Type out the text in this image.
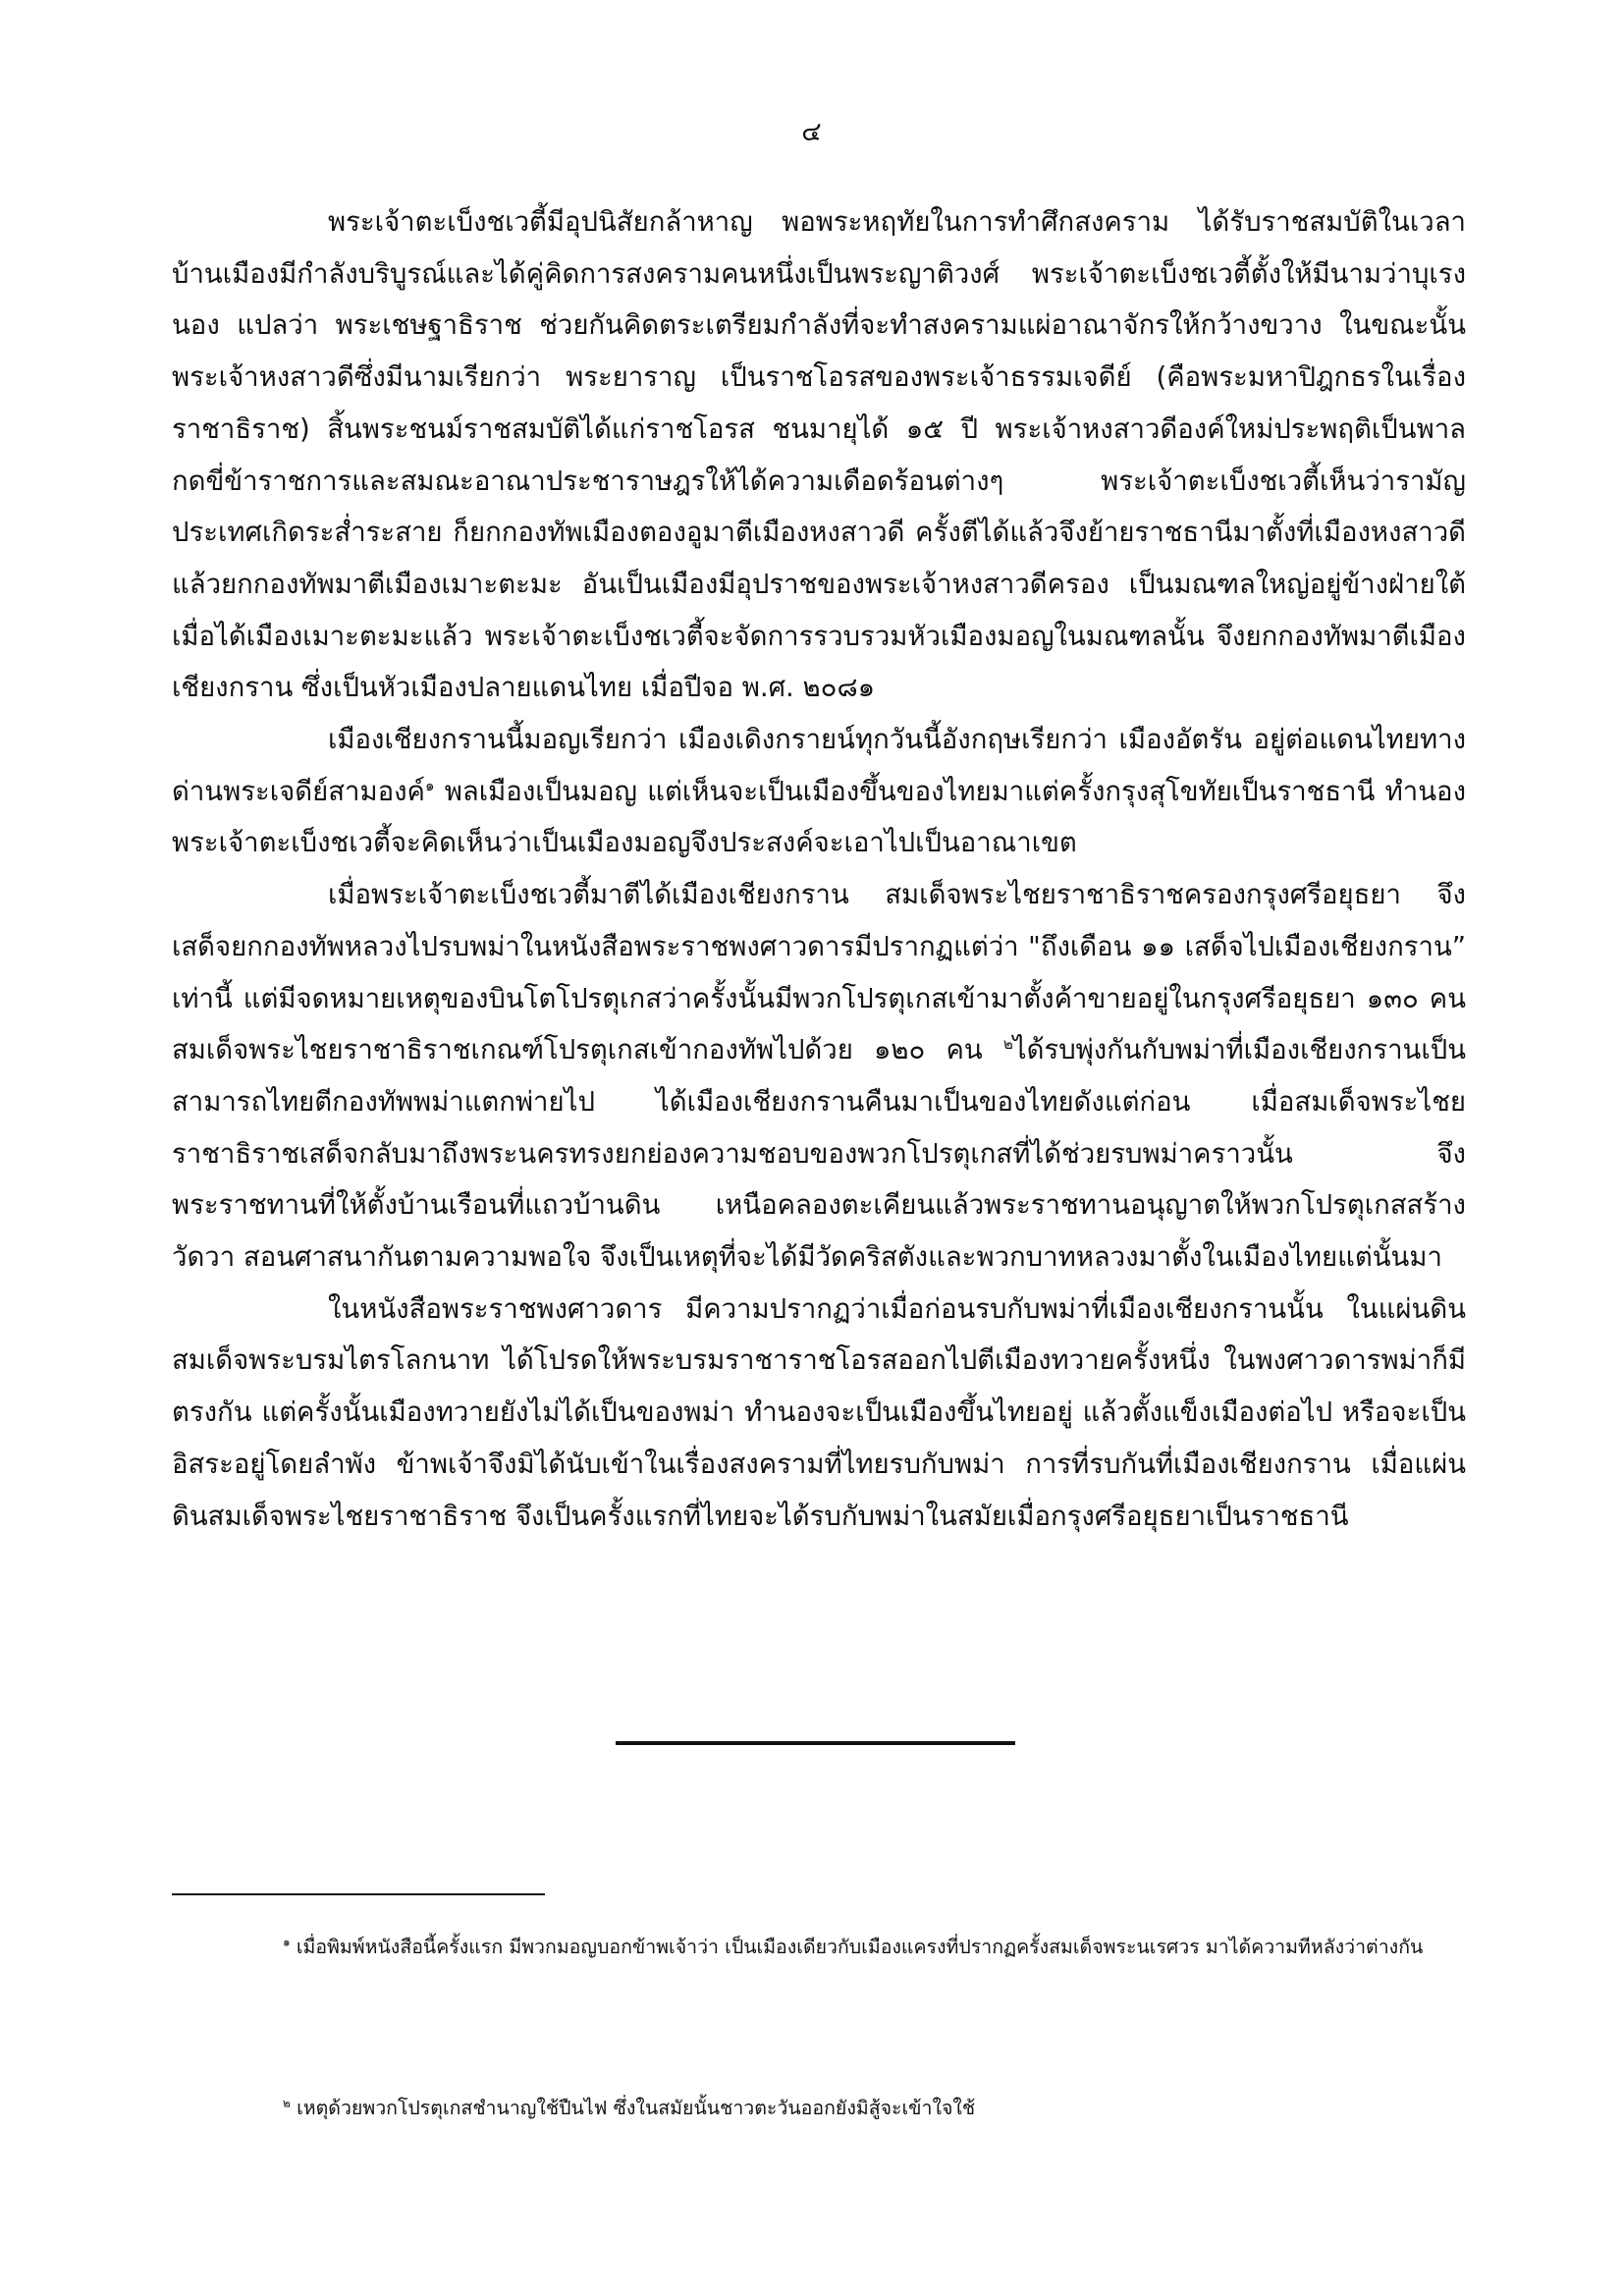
๔

พระเจ้าตะเบ็งชเวตี้มีอุปนิสัยกล้าหาญ พอพระหฤทัยในการทำศึกสงคราม ได้รับราชสมบัติในเวลาบ้านเมืองมีกำลังบริบูรณ์และได้คู่คิดการสงครามคนหนึ่งเป็นพระญาติวงศ์ พระเจ้าตะเบ็งชเวตี้ตั้งให้มีนามว่าบุเรงนอง แปลว่า พระเชษฐาธิราช ช่วยกันคิดตระเตรียมกำลังที่จะทำสงครามแผ่อาณาจักรให้กว้างขวาง ในขณะนั้น พระเจ้าหงสาวดีซึ่งมีนามเรียกว่า พระยาราญ เป็นราชโอรสของพระเจ้าธรรมเจดีย์ (คือพระมหาปิฎกธรในเรื่องราชาธิราช) สิ้นพระชนม์ราชสมบัติได้แก่ราชโอรส ชนมายุได้ ๑๕ ปี พระเจ้าหงสาวดีองค์ใหม่ประพฤติเป็นพาลกดขี่ข้าราชการและสมณะอาณาประชาราษฎรให้ได้ความเดือดร้อนต่างๆ พระเจ้าตะเบ็งชเวตี้เห็นว่ารามัญประเทศเกิดระส่ำระสาย ก็ยกกองทัพเมืองตองอูมาตีเมืองหงสาวดี ครั้งตีได้แล้วจึงย้ายราชธานีมาตั้งที่เมืองหงสาวดี แล้วยกกองทัพมาตีเมืองเมาะตะมะ อันเป็นเมืองมีอุปราชของพระเจ้าหงสาวดีครอง เป็นมณฑลใหญ่อยู่ข้างฝ่ายใต้ เมื่อได้เมืองเมาะตะมะแล้ว พระเจ้าตะเบ็งชเวตี้จะจัดการรวบรวมหัวเมืองมอญในมณฑลนั้น จึงยกกองทัพมาตีเมืองเชียงกราน ซึ่งเป็นหัวเมืองปลายแดนไทย เมื่อปีจอ พ.ศ. ๒๐๘๑

เมืองเชียงกรานนี้มอญเรียกว่า เมืองเดิงกรายน์ทุกวันนี้อังกฤษเรียกว่า เมืองอัตรัน อยู่ต่อแดนไทยทางด่านพระเจดีย์สามองค์$^๑$ พลเมืองเป็นมอญ แต่เห็นจะเป็นเมืองขึ้นของไทยมาแต่ครั้งกรุงสุโขทัยเป็นราชธานี ทำนองพระเจ้าตะเบ็งชเวตี้จะคิดเห็นว่าเป็นเมืองมอญจึงประสงค์จะเอาไปเป็นอาณาเขต

เมื่อพระเจ้าตะเบ็งชเวตี้มาตีได้เมืองเชียงกราน สมเด็จพระไชยราชาธิราชครองกรุงศรีอยุธยา จึงเสด็จยกกองทัพหลวงไปรบพม่าในหนังสือพระราชพงศาวดารมีปรากฏแต่ว่า "ถึงเดือน ๑๑ เสด็จไปเมืองเชียงกราน” เท่านี้ แต่มีจดหมายเหตุของบินโตโปรตุเกสว่าครั้งนั้นมีพวกโปรตุเกสเข้ามาตั้งค้าขายอยู่ในกรุงศรีอยุธยา ๑๓๐ คน สมเด็จพระไชยราชาธิราชเกณฑ์โปรตุเกสเข้ากองทัพไปด้วย ๑๒๐ คน $^๒$ได้รบพุ่งกันกับพม่าที่เมืองเชียงกรานเป็นสามารถไทยตีกองทัพพม่าแตกพ่ายไป ได้เมืองเชียงกรานคืนมาเป็นของไทยดังแต่ก่อน เมื่อสมเด็จพระไชยราชาธิราชเสด็จกลับมาถึงพระนครทรงยกย่องความชอบของพวกโปรตุเกสที่ได้ช่วยรบพม่าคราวนั้น จึงพระราชทานที่ให้ตั้งบ้านเรือนที่แถวบ้านดิน เหนือคลองตะเคียนแล้วพระราชทานอนุญาตให้พวกโปรตุเกสสร้างวัดวา สอนศาสนากันตามความพอใจ จึงเป็นเหตุที่จะได้มีวัดคริสตังและพวกบาทหลวงมาตั้งในเมืองไทยแต่นั้นมา

ในหนังสือพระราชพงศาวดาร มีความปรากฏว่าเมื่อก่อนรบกับพม่าที่เมืองเชียงกรานนั้น ในแผ่นดินสมเด็จพระบรมไตรโลกนาท ได้โปรดให้พระบรมราชาราชโอรสออกไปตีเมืองทวายครั้งหนึ่ง ในพงศาวดารพม่าก็มีตรงกัน แต่ครั้งนั้นเมืองทวายยังไม่ได้เป็นของพม่า ทำนองจะเป็นเมืองขึ้นไทยอยู่ แล้วตั้งแข็งเมืองต่อไป หรือจะเป็นอิสระอยู่โดยลำพัง ข้าพเจ้าจึงมิได้นับเข้าในเรื่องสงครามที่ไทยรบกับพม่า การที่รบกันที่เมืองเชียงกราน เมื่อแผ่นดินสมเด็จพระไชยราชาธิราช จึงเป็นครั้งแรกที่ไทยจะได้รบกับพม่าในสมัยเมื่อกรุงศรีอยุธยาเป็นราชธานี

$^๑$ เมื่อพิมพ์หนังสือนี้ครั้งแรก มีพวกมอญบอกข้าพเจ้าว่า เป็นเมืองเดียวกับเมืองแครงที่ปรากฏครั้งสมเด็จพระนเรศวร มาได้ความทีหลังว่าต่างกัน

$^๒$ เหตุด้วยพวกโปรตุเกสชำนาญใช้ปืนไฟ ซึ่งในสมัยนั้นชาวตะวันออกยังมิสู้จะเข้าใจใช้
